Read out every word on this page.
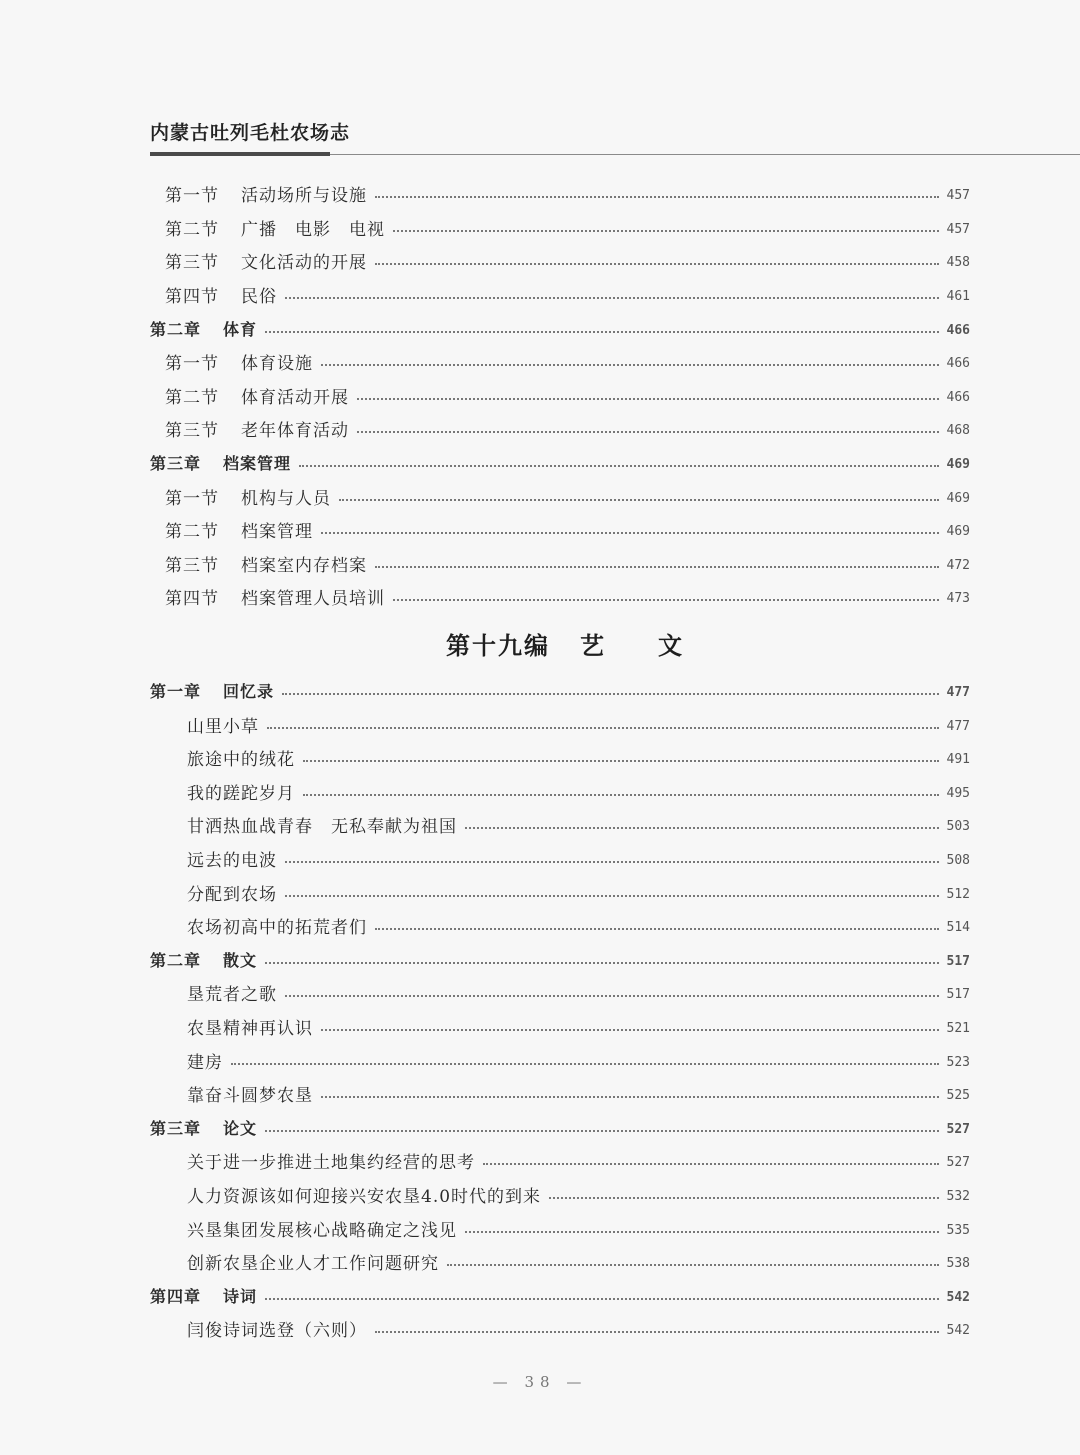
内蒙古吐列毛杜农场志
第一节 活动场所与设施	457
第二节 广播　电影　电视	457
第三节 文化活动的开展	458
第四节 民俗	461
第二章 体育	466
第一节 体育设施	466
第二节 体育活动开展	466
第三节 老年体育活动	468
第三章 档案管理	469
第一节 机构与人员	469
第二节 档案管理	469
第三节 档案室内存档案	472
第四节 档案管理人员培训	473
第十九编 艺　　文
第一章 回忆录	477
山里小草	477
旅途中的绒花	491
我的蹉跎岁月	495
甘洒热血战青春　无私奉献为祖国	503
远去的电波	508
分配到农场	512
农场初高中的拓荒者们	514
第二章 散文	517
垦荒者之歌	517
农垦精神再认识	521
建房	523
靠奋斗圆梦农垦	525
第三章 论文	527
关于进一步推进土地集约经营的思考	527
人力资源该如何迎接兴安农垦4.0时代的到来	532
兴垦集团发展核心战略确定之浅见	535
创新农垦企业人才工作问题研究	538
第四章 诗词	542
闫俊诗词选登（六则）	542
— 38 —
